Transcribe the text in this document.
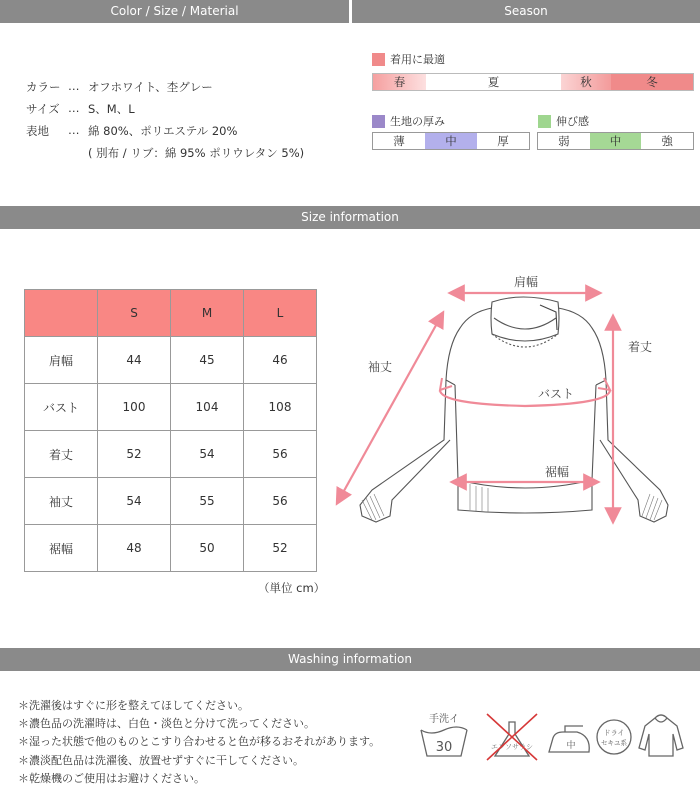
Color / Size / Material	Season
カラー … オフホワイト、杢グレー
サイズ … S、M、L
表地 … 綿 80%、ポリエステル 20%
( 別布 / リブ：綿 95% ポリウレタン 5%)
着用に最適
春	夏	秋	冬
生地の厚み
薄	中	厚
伸び感
弱	中	強
Size information
	S	M	L
肩幅	44	45	46
バスト	100	104	108
着丈	52	54	56
袖丈	54	55	56
裾幅	48	50	52
（単位 cm）
肩幅
着丈
袖丈
バスト
裾幅
Washing information
＊洗濯後はすぐに形を整えてほしてください。
＊濃色品の洗濯時は、白色・淡色と分けて洗ってください。
＊湿った状態で他のものとこすり合わせると色が移るおそれがあります。
＊濃淡配色品は洗濯後、放置せずすぐに干してください。
＊乾燥機のご使用はお避けください。
手洗イ
30	エンソサラシ	中
ドライ
セキユ系
